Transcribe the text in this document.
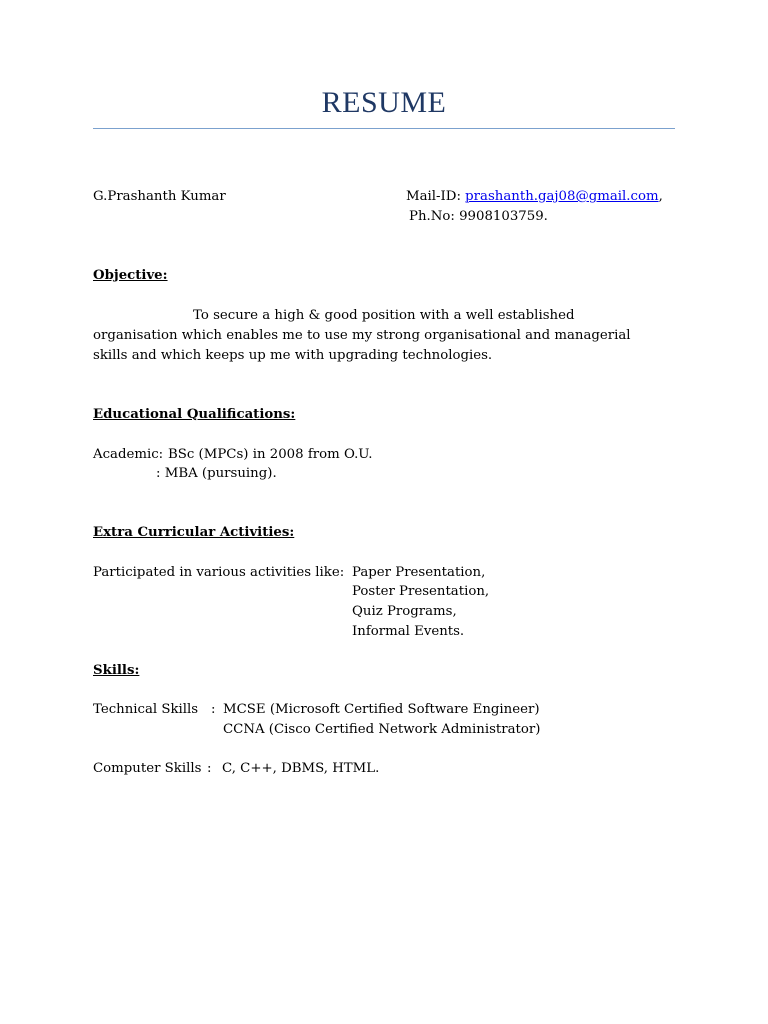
RESUME
G.Prashanth Kumar	Mail-ID: prashanth.gaj08@gmail.com,
Ph.No: 9908103759.
Objective:
To secure a high & good position with a well established organisation which enables me to use my strong organisational and managerial skills and which keeps up me with upgrading technologies.
Educational Qualifications:
Academic: BSc (MPCs) in 2008 from O.U.
: MBA (pursuing).
Extra Curricular Activities:
Participated in various activities like: Paper Presentation,
Poster Presentation,
Quiz Programs,
Informal Events.
Skills:
Technical Skills : MCSE (Microsoft Certified Software Engineer)
CCNA (Cisco Certified Network Administrator)
Computer Skills : C, C++, DBMS, HTML.
